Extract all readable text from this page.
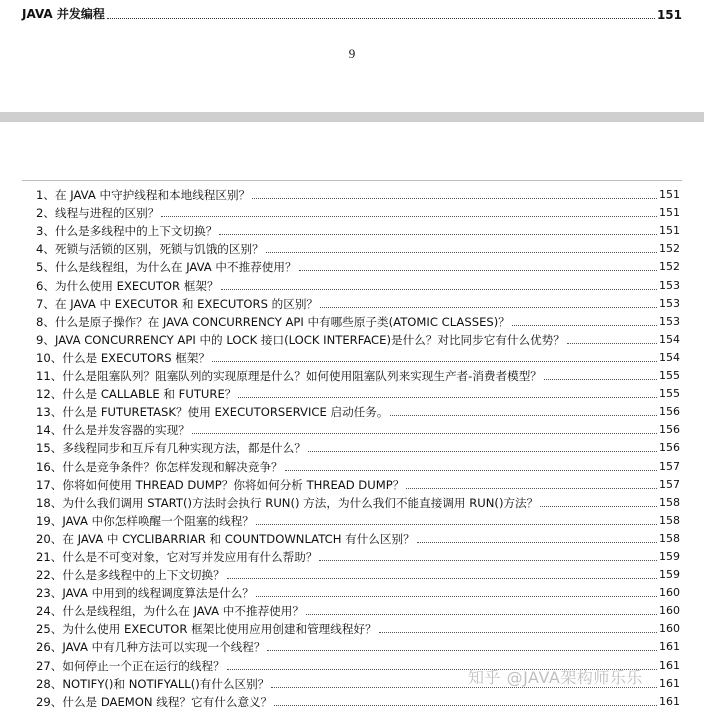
JAVA 并发编程	151
9
1、 在 JAVA 中守护线程和本地线程区别？	151
2、 线程与进程的区别？	151
3、 什么是多线程中的上下文切换？	151
4、 死锁与活锁的区别，死锁与饥饿的区别？	152
5、 什么是线程组，为什么在 JAVA 中不推荐使用？	152
6、 为什么使用 EXECUTOR 框架？	153
7、 在 JAVA 中 EXECUTOR 和 EXECUTORS 的区别？	153
8、 什么是原子操作？在 JAVA CONCURRENCY API 中有哪些原子类(ATOMIC CLASSES)？	153
9、 JAVA CONCURRENCY API 中的 LOCK 接口(LOCK INTERFACE)是什么？对比同步它有什么优势？	154
10、 什么是 EXECUTORS 框架？	154
11、 什么是阻塞队列？阻塞队列的实现原理是什么？如何使用阻塞队列来实现生产者-消费者模型？	155
12、 什么是 CALLABLE 和 FUTURE？	155
13、 什么是 FUTURETASK？使用 EXECUTORSERVICE 启动任务。	156
14、 什么是并发容器的实现？	156
15、 多线程同步和互斥有几种实现方法，都是什么？	156
16、 什么是竞争条件？你怎样发现和解决竞争？	157
17、 你将如何使用 THREAD DUMP？你将如何分析 THREAD DUMP？	157
18、 为什么我们调用 START()方法时会执行 RUN() 方法，为什么我们不能直接调用 RUN()方法？	158
19、 JAVA 中你怎样唤醒一个阻塞的线程？	158
20、 在 JAVA 中 CYCLIBARRIAR 和 COUNTDOWNLATCH 有什么区别？	158
21、 什么是不可变对象，它对写并发应用有什么帮助？	159
22、 什么是多线程中的上下文切换？	159
23、 JAVA 中用到的线程调度算法是什么？	160
24、 什么是线程组，为什么在 JAVA 中不推荐使用？	160
25、 为什么使用 EXECUTOR 框架比使用应用创建和管理线程好？	160
26、 JAVA 中有几种方法可以实现一个线程？	161
27、 如何停止一个正在运行的线程？	161
28、 NOTIFY()和 NOTIFYALL()有什么区别？	161
29、 什么是 DAEMON 线程？它有什么意义？	161
知乎 @JAVA架构师乐乐
